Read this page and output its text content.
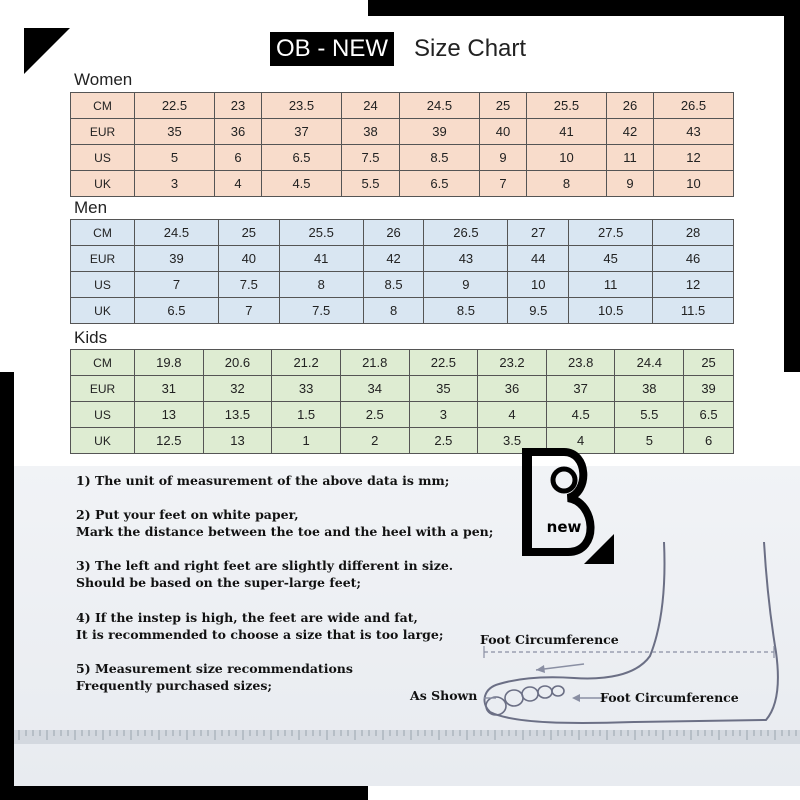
OB - NEW Size Chart
Women
CM	22.5	23	23.5	24	24.5	25	25.5	26	26.5
EUR	35	36	37	38	39	40	41	42	43
US	5	6	6.5	7.5	8.5	9	10	11	12
UK	3	4	4.5	5.5	6.5	7	8	9	10
Men
CM	24.5	25	25.5	26	26.5	27	27.5	28
EUR	39	40	41	42	43	44	45	46
US	7	7.5	8	8.5	9	10	11	12
UK	6.5	7	7.5	8	8.5	9.5	10.5	11.5
Kids
CM	19.8	20.6	21.2	21.8	22.5	23.2	23.8	24.4	25
EUR	31	32	33	34	35	36	37	38	39
US	13	13.5	1.5	2.5	3	4	4.5	5.5	6.5
UK	12.5	13	1	2	2.5	3.5	4	5	6
1) The unit of measurement of the above data is mm;
2) Put your feet on white paper,
Mark the distance between the toe and the heel with a pen;
3) The left and right feet are slightly different in size.
Should be based on the super-large feet;
4) If the instep is high, the feet are wide and fat,
It is recommended to choose a size that is too large;
5) Measurement size recommendations
Frequently purchased sizes;
Foot Circumference
As Shown	Foot Circumference
new
